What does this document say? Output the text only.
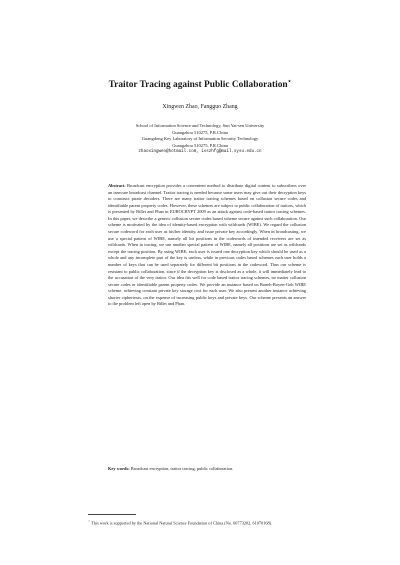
Traitor Tracing against Public Collaboration⋆
Xingwen Zhao, Fangguo Zhang
School of Information Science and Technology, Sun Yat-sen University
Guangzhou 510275, P.R.China
Guangdong Key Laboratory of Information Security Technology
Guangzhou 510275, P.R.China
zhaoxingwen@hotmail.com, isszhfg@mail.sysu.edu.cn

Abstract. Broadcast encryption provides a convenient method to distribute digital content to subscribers over an insecure broadcast channel. Traitor tracing is needed because some users may give out their decryption keys to construct pirate decoders. There are many traitor tracing schemes based on collusion secure codes and identifiable parent property codes. However, these schemes are subject to public collaboration of traitors, which is presented by Billet and Phan in EUROCRYPT 2009 as an attack against code-based traitor tracing schemes. In this paper, we describe a generic collusion secure codes based scheme secure against such collaboration. Our scheme is motivated by the idea of identity-based encryption with wildcards (WIBE). We regard the collusion secure codeword for each user as his/her identity, and issue private key accordingly. When in broadcasting, we use a special pattern of WIBE, namely all bit positions in the codewords of intended receivers are set as wildcards. When in tracing, we use another special pattern of WIBE, namely all positions are set as wildcards except the tracing position. By using WIBE, each user is issued one decryption key which should be used as a whole and any incomplete part of the key is useless, while in previous codes based schemes each user holds a number of keys that can be used separately for different bit positions in the codeword. Thus our scheme is resistant to public collaboration, since if the decryption key is disclosed as a whole, it will immediately lead to the accusation of the very traitor. Our idea fits well for code based traitor tracing schemes, no matter collusion secure codes or identifiable parent property codes. We provide an instance based on Boneh-Boyen-Goh WIBE scheme, achieving constant private key storage cost for each user. We also present another instance achieving shorter ciphertexts, on the expense of increasing public keys and private keys. Our scheme presents an answer to the problem left open by Billet and Phan.

Key words: Broadcast encryption, traitor tracing, public collaboration.

⋆ This work is supported by the National Natural Science Foundation of China (No. 60773202, 61070168).
